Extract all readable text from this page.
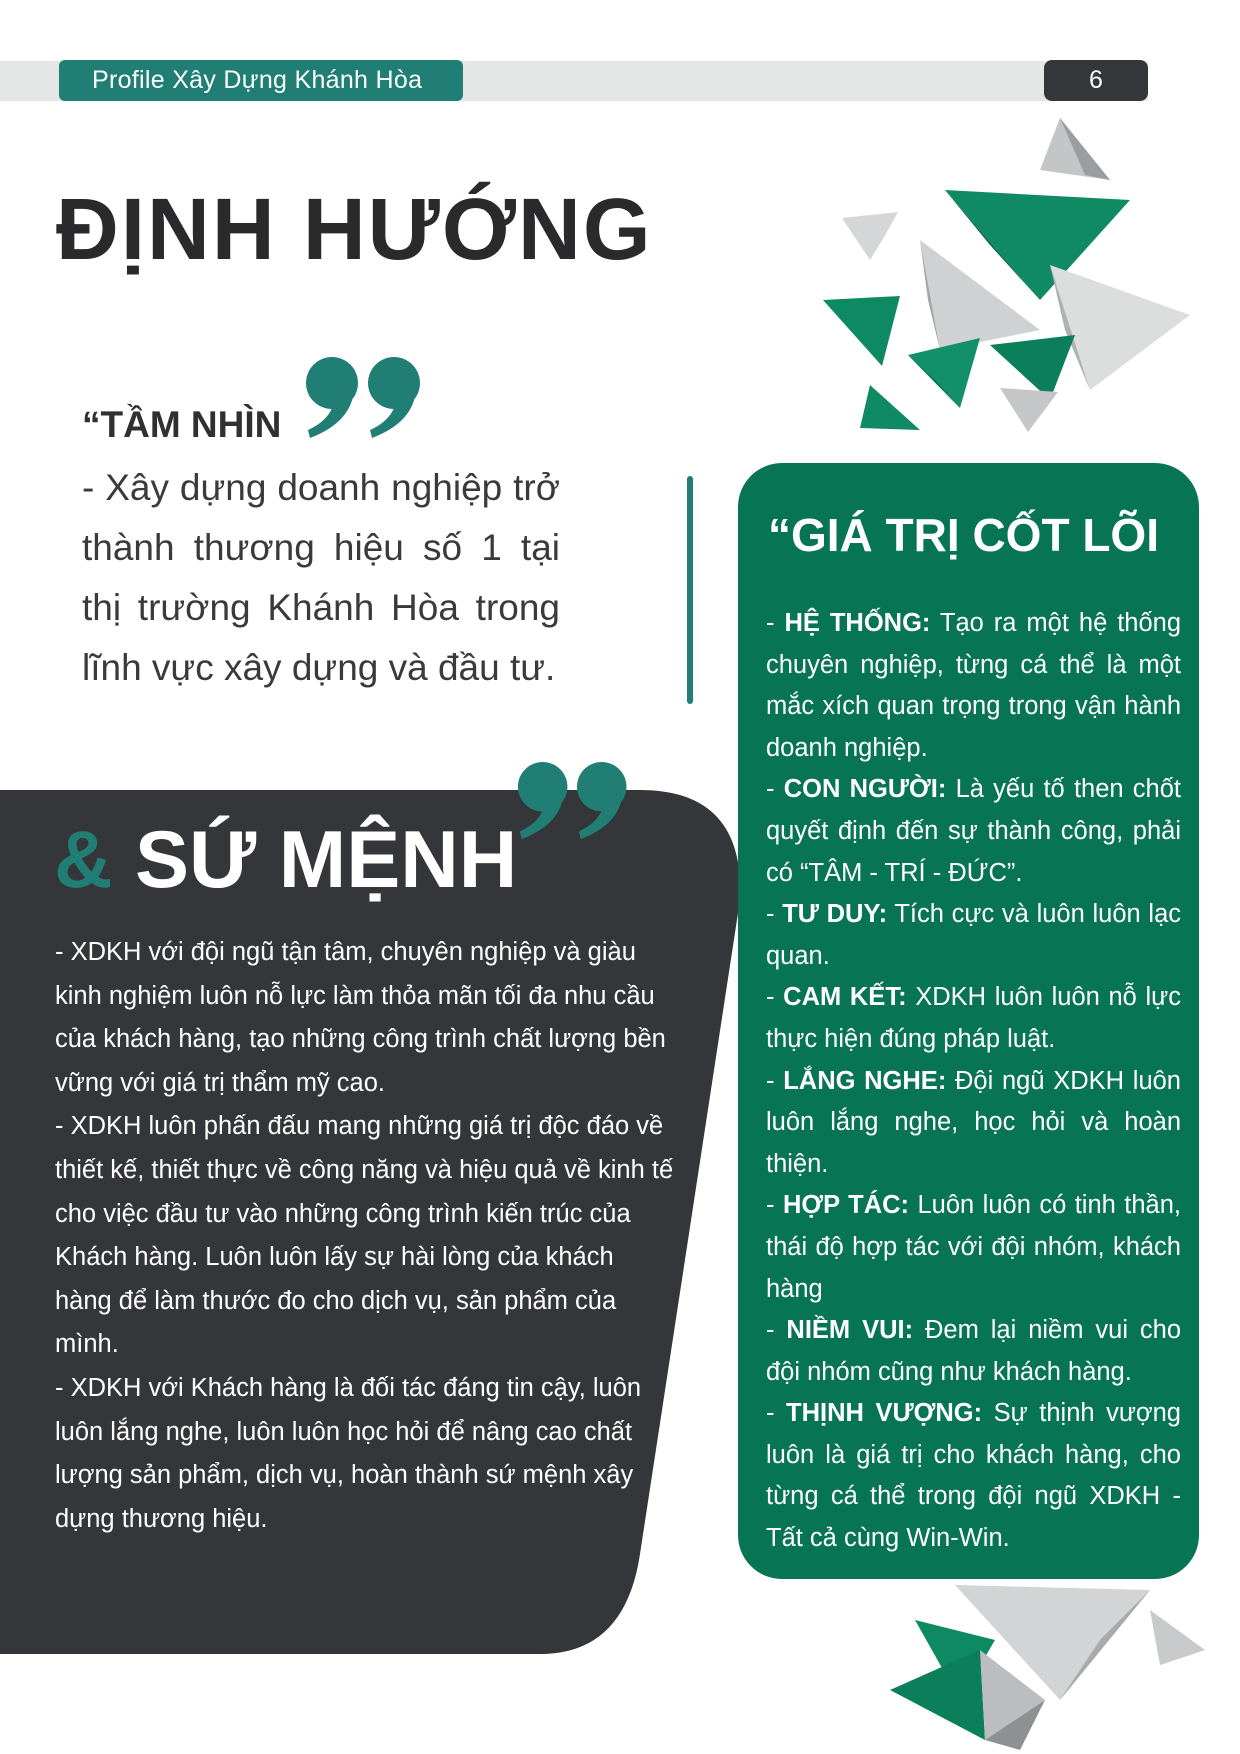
Profile Xây Dựng Khánh Hòa	6
ĐỊNH HƯỚNG
“TẦM NHÌN
- Xây dựng doanh nghiệp trở thành thương hiệu số 1 tại thị trường Khánh Hòa trong lĩnh vực xây dựng và đầu tư.
& SỨ MỆNH

- XDKH với đội ngũ tận tâm, chuyên nghiệp và giàu kinh nghiệm luôn nỗ lực làm thỏa mãn tối đa nhu cầu của khách hàng, tạo những công trình chất lượng bền vững với giá trị thẩm mỹ cao.

- XDKH luôn phấn đấu mang những giá trị độc đáo về thiết kế, thiết thực về công năng và hiệu quả về kinh tế cho việc đầu tư vào những công trình kiến trúc của Khách hàng. Luôn luôn lấy sự hài lòng của khách hàng để làm thước đo cho dịch vụ, sản phẩm của mình.

- XDKH với Khách hàng là đối tác đáng tin cậy, luôn luôn lắng nghe, luôn luôn học hỏi để nâng cao chất lượng sản phẩm, dịch vụ, hoàn thành sứ mệnh xây dựng thương hiệu.

“GIÁ TRỊ CỐT LÕI
- HỆ THỐNG: Tạo ra một hệ thống chuyên nghiệp, từng cá thể là một mắc xích quan trọng trong vận hành doanh nghiệp.
- CON NGƯỜI: Là yếu tố then chốt quyết định đến sự thành công, phải có “TÂM - TRÍ - ĐỨC”.
- TƯ DUY: Tích cực và luôn luôn lạc quan.
- CAM KẾT: XDKH luôn luôn nỗ lực thực hiện đúng pháp luật.
- LẮNG NGHE: Đội ngũ XDKH luôn luôn lắng nghe, học hỏi và hoàn thiện.
- HỢP TÁC: Luôn luôn có tinh thần, thái độ hợp tác với đội nhóm, khách hàng
- NIỀM VUI: Đem lại niềm vui cho đội nhóm cũng như khách hàng.
- THỊNH VƯỢNG: Sự thịnh vượng luôn là giá trị cho khách hàng, cho từng cá thể trong đội ngũ XDKH - Tất cả cùng Win-Win.
